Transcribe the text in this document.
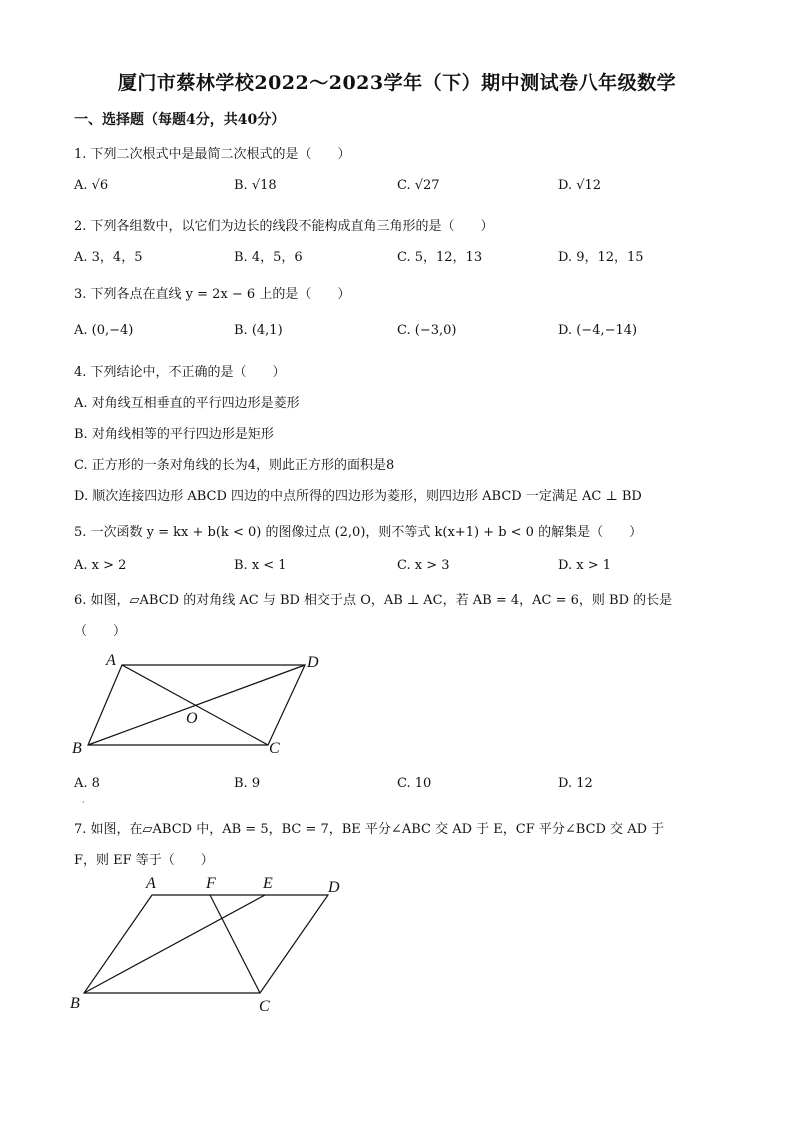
厦门市蔡林学校2022～2023学年（下）期中测试卷八年级数学
一、选择题（每题4分，共40分）
1. 下列二次根式中是最简二次根式的是（　　）
A. √6	B. √18	C. √27	D. √12
2. 下列各组数中，以它们为边长的线段不能构成直角三角形的是（　　）
A. 3，4，5	B. 4，5，6	C. 5，12，13	D. 9，12，15
3. 下列各点在直线 y = 2x − 6 上的是（　　）
A. (0,−4)	B. (4,1)	C. (−3,0)	D. (−4,−14)
4. 下列结论中，不正确的是（　　）
A. 对角线互相垂直的平行四边形是菱形
B. 对角线相等的平行四边形是矩形
C. 正方形的一条对角线的长为4，则此正方形的面积是8
D. 顺次连接四边形 ABCD 四边的中点所得的四边形为菱形，则四边形 ABCD 一定满足 AC ⊥ BD
5. 一次函数 y = kx + b(k < 0) 的图像过点 (2,0)，则不等式 k(x+1) + b < 0 的解集是（　　）
A. x > 2	B. x < 1	C. x > 3	D. x > 1
6. 如图，▱ABCD 的对角线 AC 与 BD 相交于点 O，AB ⊥ AC，若 AB = 4，AC = 6，则 BD 的长是
（　　）
A	D
O
B	C
A. 8	B. 9	C. 10	D. 12
·
7. 如图，在▱ABCD 中，AB = 5，BC = 7，BE 平分∠ABC 交 AD 于 E，CF 平分∠BCD 交 AD 于
F，则 EF 等于（　　）
A	F	E	D
B	C
